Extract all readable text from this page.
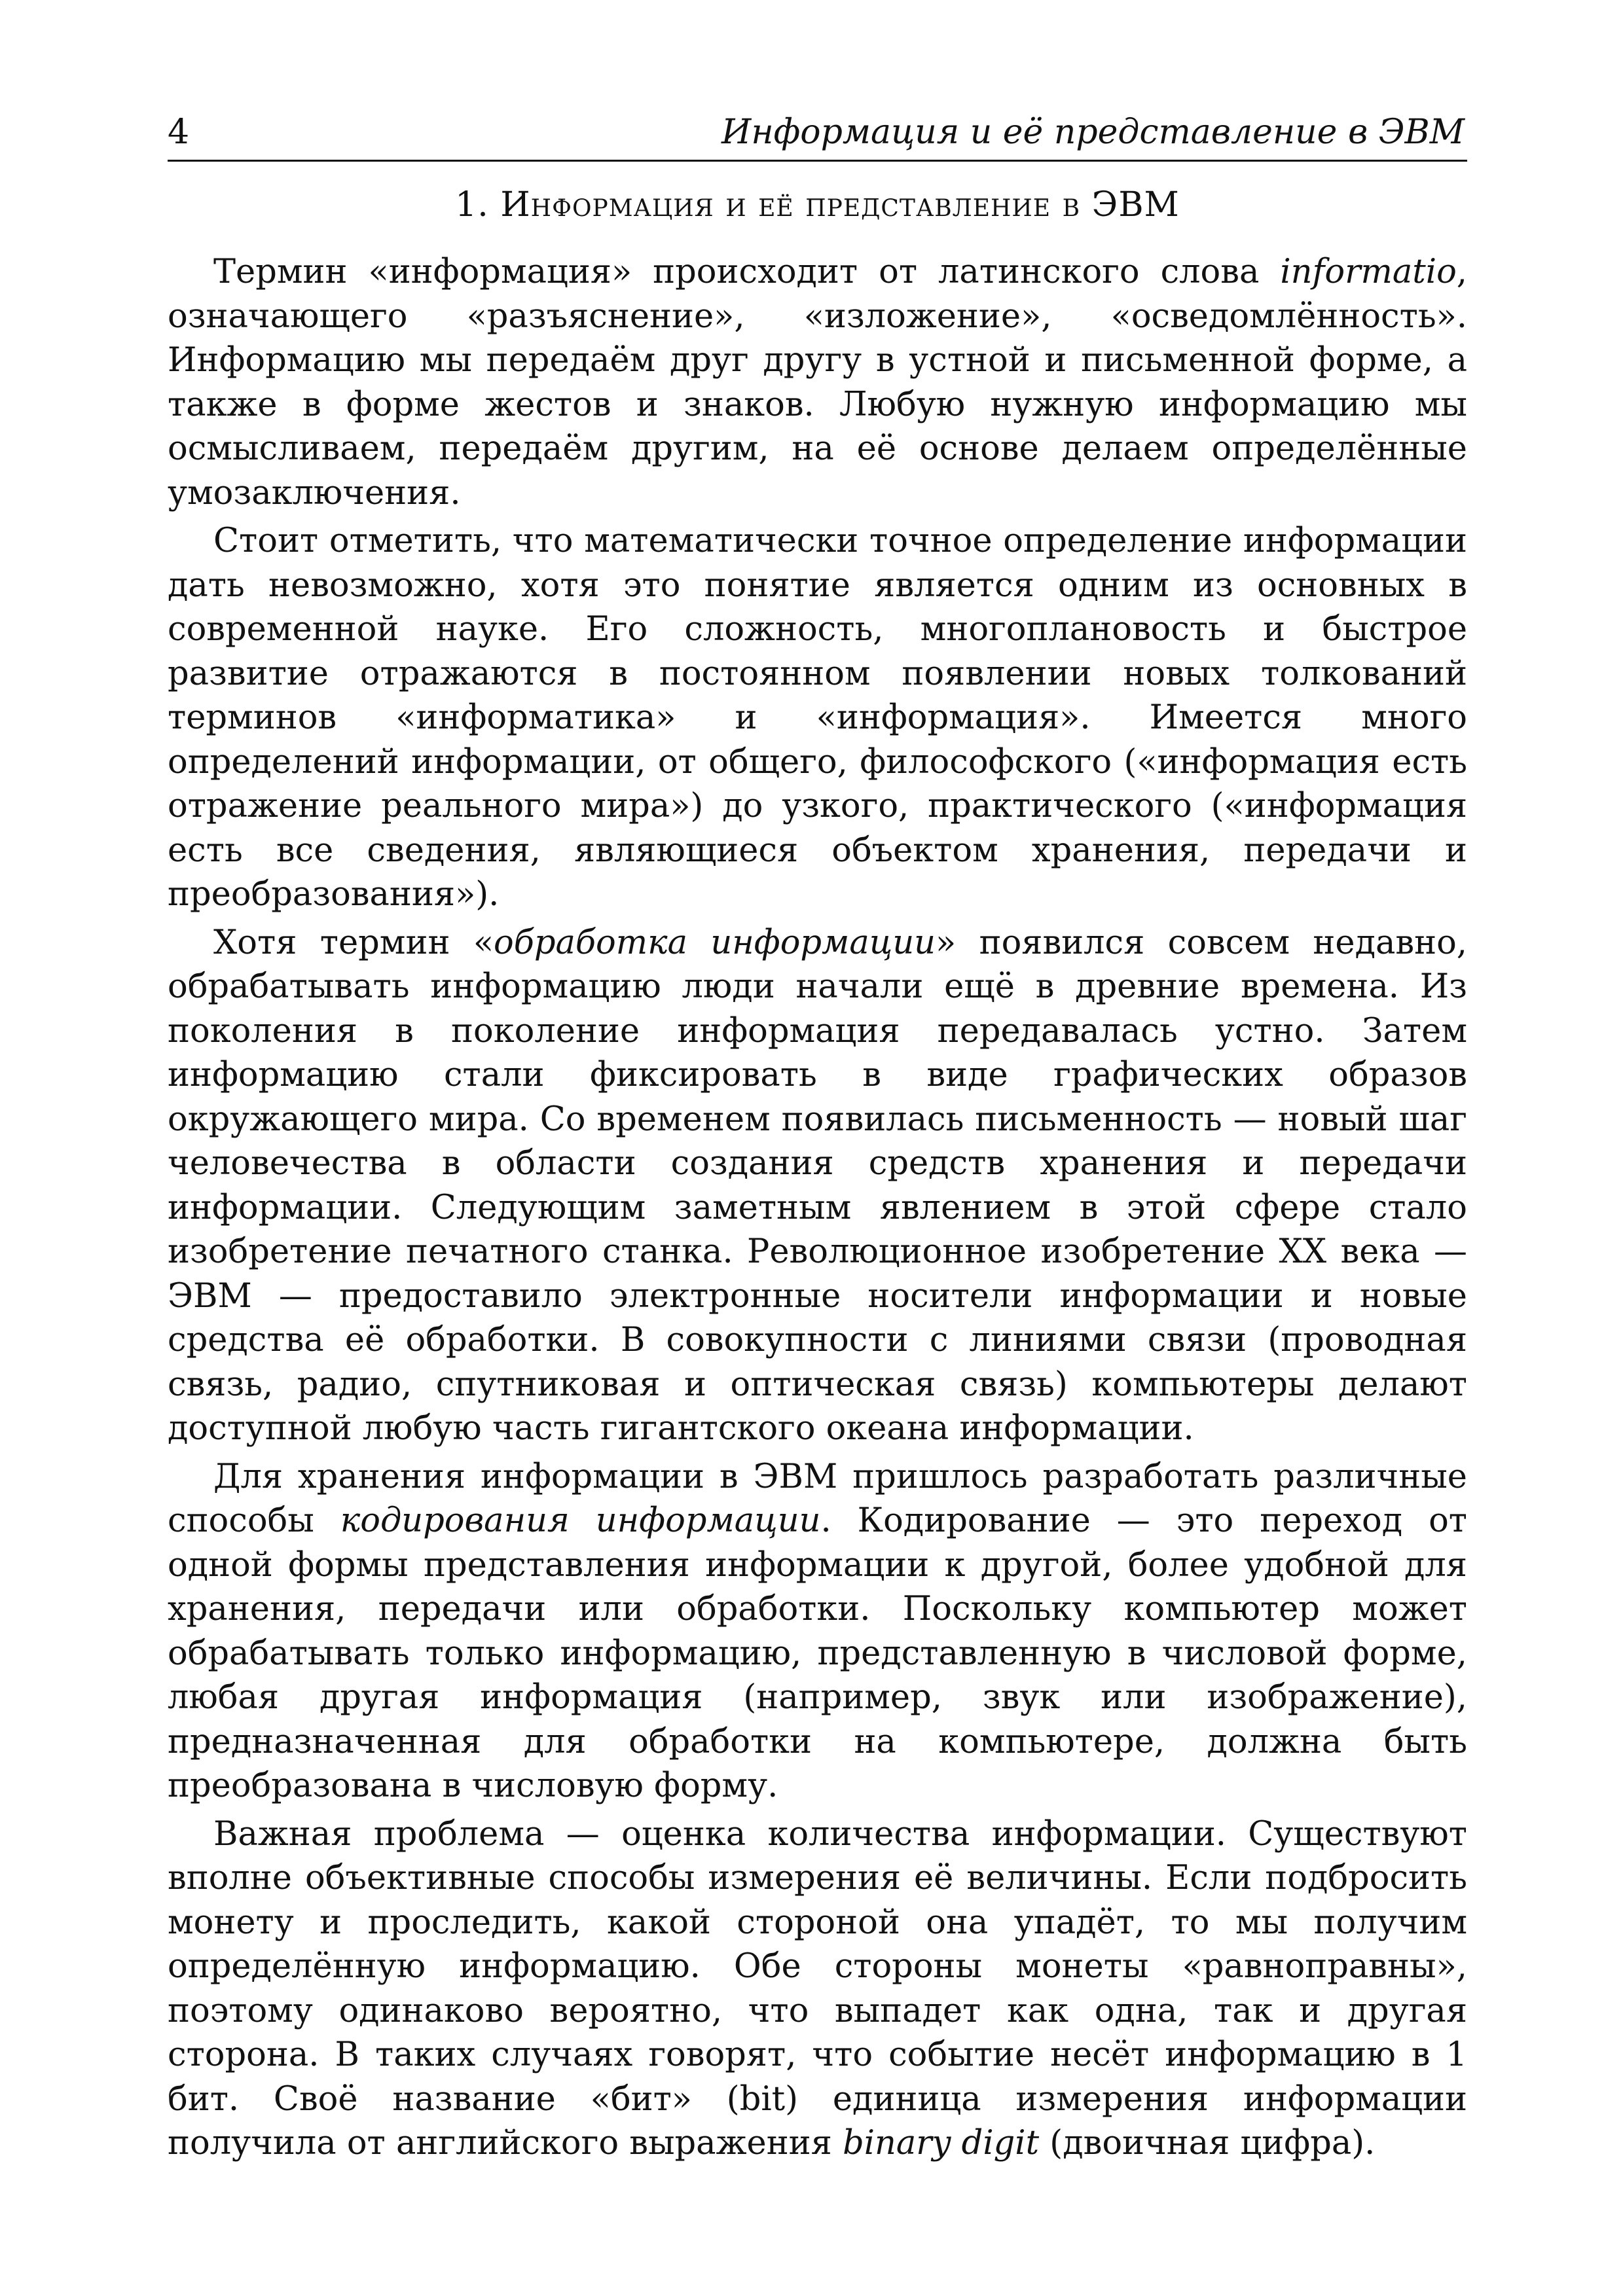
4	Информация и её представление в ЭВМ
1. Информация и её представление в ЭВМ

Термин «информация» происходит от латинского слова informatio, означающего «разъяснение», «изложение», «осведомлённость». Информацию мы передаём друг другу в устной и письменной форме, а также в форме жестов и знаков. Любую нужную информацию мы осмысливаем, передаём другим, на её основе делаем определённые умозаключения.

Стоит отметить, что математически точное определение информации дать невозможно, хотя это понятие является одним из основных в современной науке. Его сложность, многоплановость и быстрое развитие отражаются в постоянном появлении новых толкований терминов «информатика» и «информация». Имеется много определений информации, от общего, философского («информация есть отражение реального мира») до узкого, практического («информация есть все сведения, являющиеся объектом хранения, передачи и преобразования»).

Хотя термин «обработка информации» появился совсем недавно, обрабатывать информацию люди начали ещё в древние времена. Из поколения в поколение информация передавалась устно. Затем информацию стали фиксировать в виде графических образов окружающего мира. Со временем появилась письменность — новый шаг человечества в области создания средств хранения и передачи информации. Следующим заметным явлением в этой сфере стало изобретение печатного станка. Революционное изобретение XX века — ЭВМ — предоставило электронные носители информации и новые средства её обработки. В совокупности с линиями связи (проводная связь, радио, спутниковая и оптическая связь) компьютеры делают доступной любую часть гигантского океана информации.

Для хранения информации в ЭВМ пришлось разработать различные способы кодирования информации. Кодирование — это переход от одной формы представления информации к другой, более удобной для хранения, передачи или обработки. Поскольку компьютер может обрабатывать только информацию, представленную в числовой форме, любая другая информация (например, звук или изображение), предназначенная для обработки на компьютере, должна быть преобразована в числовую форму.

Важная проблема — оценка количества информации. Существуют вполне объективные способы измерения её величины. Если подбросить монету и проследить, какой стороной она упадёт, то мы получим определённую информацию. Обе стороны монеты «равноправны», поэтому одинаково вероятно, что выпадет как одна, так и другая сторона. В таких случаях говорят, что событие несёт информацию в 1 бит. Своё название «бит» (bit) единица измерения информации получила от английского выражения binary digit (двоичная цифра).
